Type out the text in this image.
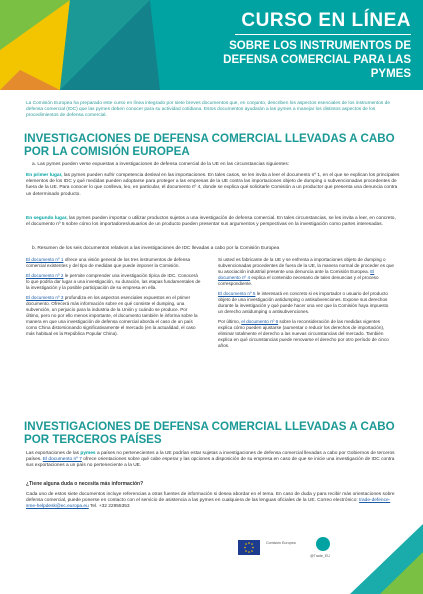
CURSO EN LÍNEA
SOBRE LOS INSTRUMENTOS DE DEFENSA COMERCIAL PARA LAS PYMES

La Comisión Europea ha preparado este curso en línea integrado por siete breves documentos que, en conjunto, describen los aspectos esenciales de los instrumentos de defensa comercial (IDC) que las pymes deben conocer para su actividad cotidiana. Estos documentos ayudarán a las pymes a manejar los distintos aspectos de los procedimientos de defensa comercial.

INVESTIGACIONES DE DEFENSA COMERCIAL LLEVADAS A CABO POR LA COMISIÓN EUROPEA

a. Las pymes pueden verse expuestas a investigaciones de defensa comercial de la UE en las circunstancias siguientes:

En primer lugar, las pymes pueden sufrir competencia desleal en las importaciones. En tales casos, se les invita a leer el documento nº 1, en el que se explican los principales elementos de los IDC y qué medidas pueden adoptarse para proteger a las empresas de la UE contra las importaciones objeto de dumping o subvencionadas procedentes de fuera de la UE. Para conocer lo que conlleva, leo, en particular, el documento nº 4, donde se explica qué solicitarle Comisión a un productor que presenta una denuncia contra un determinado producto.

En segundo lugar, las pymes pueden importar o utilizar productos sujetos a una investigación de defensa comercial. En tales circunstancias, se les invita a leer, en concreto, el documento nº 5 sobre cómo los importadores/usuarios de un producto pueden presentar sus argumentos y perspectivas en la investigación como partes interesadas.

b. Resumen de los seis documentos relativos a las investigaciones de IDC llevadas a cabo por la Comisión Europea

El documento nº 1 ofrece una visión general de los tres instrumentos de defensa comercial existentes y del tipo de medidas que puede imponer la Comisión.

El documento nº 2 le permite comprender una investigación típica de IDC. Conocerá lo que podría dar lugar a una investigación, su duración, las etapas fundamentales de la investigación y la posible participación de su empresa en ella.

El documento nº 3 profundiza en los aspectos esenciales expuestos en el primer documento. Ofrecerá más información sobre en qué consiste el dumping, una subvención, un perjuicio para la industria de la Unión y cuándo se produce. Por último, pero no por ello menos importante, el documento también le informa sobre la manera en que una investigación de defensa comercial aborda el caso de un país como China distorsionando significativamente el mercado (en la actualidad, el caso más habitual es la República Popular China).

Si usted es fabricante de la UE y se enfrenta a importaciones objeto de dumping o subvencionadas procedentes de fuera de la UE, la manera normal de proceder es que su asociación industrial presente una denuncia ante la Comisión Europea. El documento nº 4 explica el contenido necesario de tales denuncias y el proceso correspondiente.

El documento nº 5 le interesará en concreto si es importador o usuario del producto objeto de una investigación antidumping o antisubvenciones. Expone sus derechos durante la investigación y qué puede hacer una vez que la Comisión haya impuesto un derecho antidumping o antisubvenciones.

Por último, el documento nº 6 sobre la reconsideración de las medidas vigentes explica cómo pueden ajustarse (aumentar o reducir los derechos de importación), eliminar totalmente el derecho a las nuevas circunstancias del mercado. También explica en qué circunstancias puede renovarse el derecho por otro período de cinco años.

INVESTIGACIONES DE DEFENSA COMERCIAL LLEVADAS A CABO POR TERCEROS PAÍSES

Las exportaciones de las pymes a países no pertenecientes a la UE podrían estar sujetas a investigaciones de defensa comercial llevadas a cabo por Gobiernos de terceros países. El documento nº 7 ofrece orientaciones sobre qué cabe esperar y las opciones a disposición de su empresa en caso de que se inicie una investigación de IDC contra sus exportaciones a un país no perteneciente a la UE.

¿Tiene alguna duda o necesita más información?

Cada uno de estos siete documentos incluye referencias a otras fuentes de información si desea abordar en el tema. En caso de duda y para recibir más orientaciones sobre defensa comercial, puede ponerse en contacto con el servicio de asistencia a las pymes en cualquiera de las lenguas oficiales de la UE. Correo electrónico: trade-defence-sme-helpdesk@ec.europa.eu Tel. +32 22955353

Comisión Europea
@Trade_EU
#EUtrade
